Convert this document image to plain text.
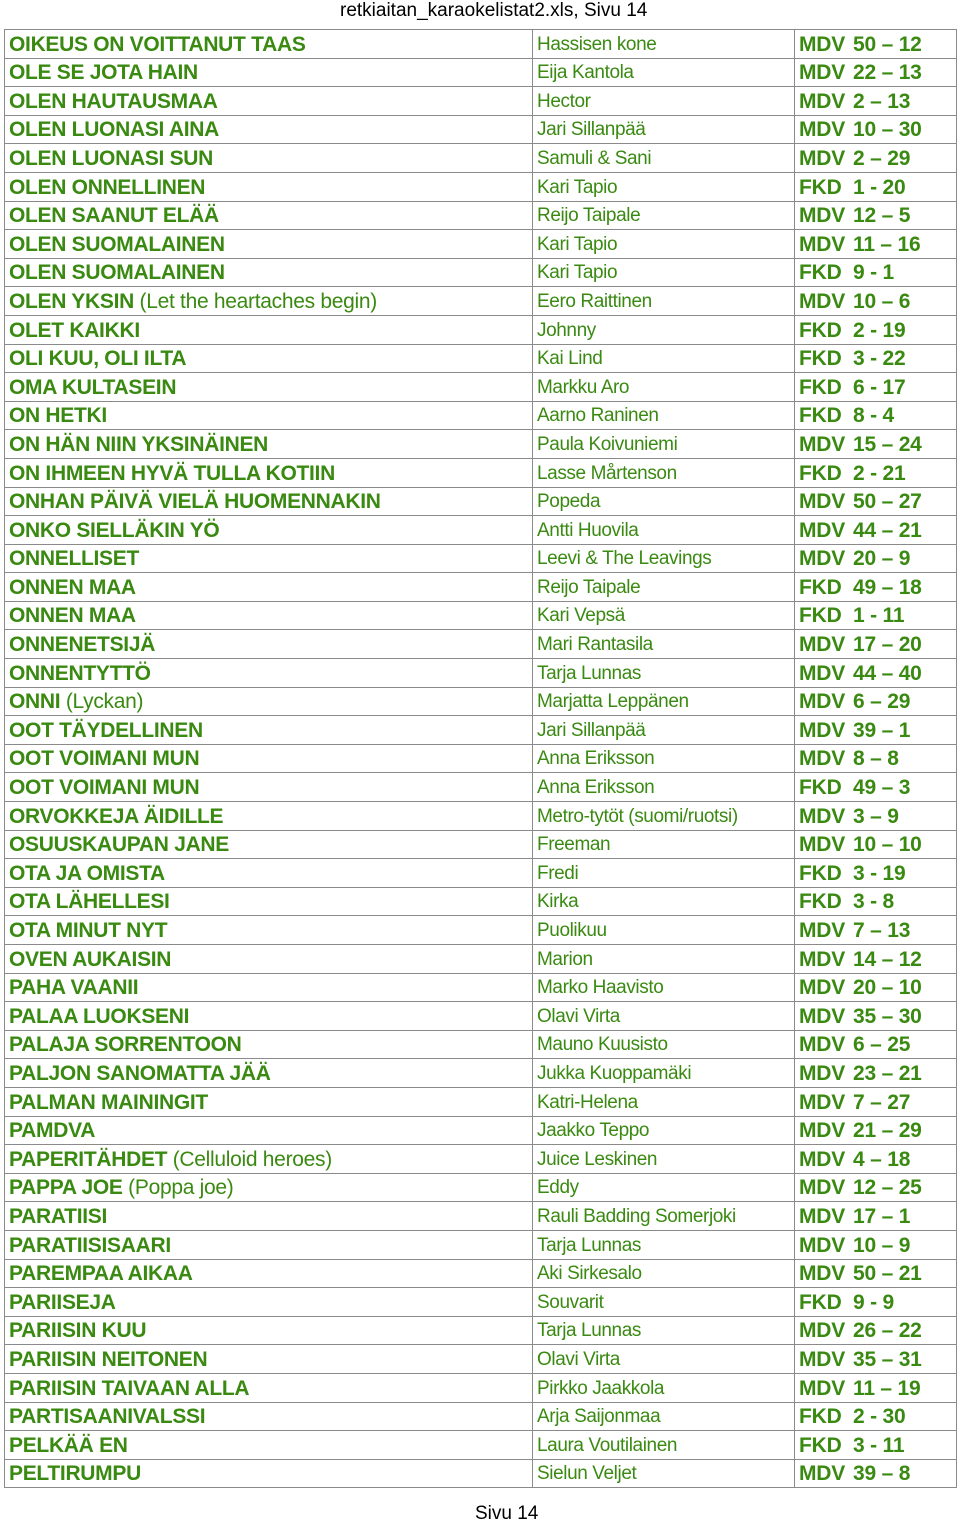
retkiaitan_karaokelistat2.xls, Sivu 14
OIKEUS ON VOITTANUT TAAS	Hassisen kone	MDV 50 – 12
OLE SE JOTA HAIN	Eija Kantola	MDV 22 – 13
OLEN HAUTAUSMAA	Hector	MDV 2 – 13
OLEN LUONASI AINA	Jari Sillanpää	MDV 10 – 30
OLEN LUONASI SUN	Samuli & Sani	MDV 2 – 29
OLEN ONNELLINEN	Kari Tapio	FKD 1 - 20
OLEN SAANUT ELÄÄ	Reijo Taipale	MDV 12 – 5
OLEN SUOMALAINEN	Kari Tapio	MDV 11 – 16
OLEN SUOMALAINEN	Kari Tapio	FKD 9 - 1
OLEN YKSIN (Let the heartaches begin)	Eero Raittinen	MDV 10 – 6
OLET KAIKKI	Johnny	FKD 2 - 19
OLI KUU, OLI ILTA	Kai Lind	FKD 3 - 22
OMA KULTASEIN	Markku Aro	FKD 6 - 17
ON HETKI	Aarno Raninen	FKD 8 - 4
ON HÄN NIIN YKSINÄINEN	Paula Koivuniemi	MDV 15 – 24
ON IHMEEN HYVÄ TULLA KOTIIN	Lasse Mårtenson	FKD 2 - 21
ONHAN PÄIVÄ VIELÄ HUOMENNAKIN	Popeda	MDV 50 – 27
ONKO SIELLÄKIN YÖ	Antti Huovila	MDV 44 – 21
ONNELLISET	Leevi & The Leavings	MDV 20 – 9
ONNEN MAA	Reijo Taipale	FKD 49 – 18
ONNEN MAA	Kari Vepsä	FKD 1 - 11
ONNENETSIJÄ	Mari Rantasila	MDV 17 – 20
ONNENTYTTÖ	Tarja Lunnas	MDV 44 – 40
ONNI (Lyckan)	Marjatta Leppänen	MDV 6 – 29
OOT TÄYDELLINEN	Jari Sillanpää	MDV 39 – 1
OOT VOIMANI MUN	Anna Eriksson	MDV 8 – 8
OOT VOIMANI MUN	Anna Eriksson	FKD 49 – 3
ORVOKKEJA ÄIDILLE	Metro-tytöt (suomi/ruotsi)	MDV 3 – 9
OSUUSKAUPAN JANE	Freeman	MDV 10 – 10
OTA JA OMISTA	Fredi	FKD 3 - 19
OTA LÄHELLESI	Kirka	FKD 3 - 8
OTA MINUT NYT	Puolikuu	MDV 7 – 13
OVEN AUKAISIN	Marion	MDV 14 – 12
PAHA VAANII	Marko Haavisto	MDV 20 – 10
PALAA LUOKSENI	Olavi Virta	MDV 35 – 30
PALAJA SORRENTOON	Mauno Kuusisto	MDV 6 – 25
PALJON SANOMATTA JÄÄ	Jukka Kuoppamäki	MDV 23 – 21
PALMAN MAININGIT	Katri-Helena	MDV 7 – 27
PAMDVA	Jaakko Teppo	MDV 21 – 29
PAPERITÄHDET (Celluloid heroes)	Juice Leskinen	MDV 4 – 18
PAPPA JOE (Poppa joe)	Eddy	MDV 12 – 25
PARATIISI	Rauli Badding Somerjoki	MDV 17 – 1
PARATIISISAARI	Tarja Lunnas	MDV 10 – 9
PAREMPAA AIKAA	Aki Sirkesalo	MDV 50 – 21
PARIISEJA	Souvarit	FKD 9 - 9
PARIISIN KUU	Tarja Lunnas	MDV 26 – 22
PARIISIN NEITONEN	Olavi Virta	MDV 35 – 31
PARIISIN TAIVAAN ALLA	Pirkko Jaakkola	MDV 11 – 19
PARTISAANIVALSSI	Arja Saijonmaa	FKD 2 - 30
PELKÄÄ EN	Laura Voutilainen	FKD 3 - 11
PELTIRUMPU	Sielun Veljet	MDV 39 – 8
Sivu 14
